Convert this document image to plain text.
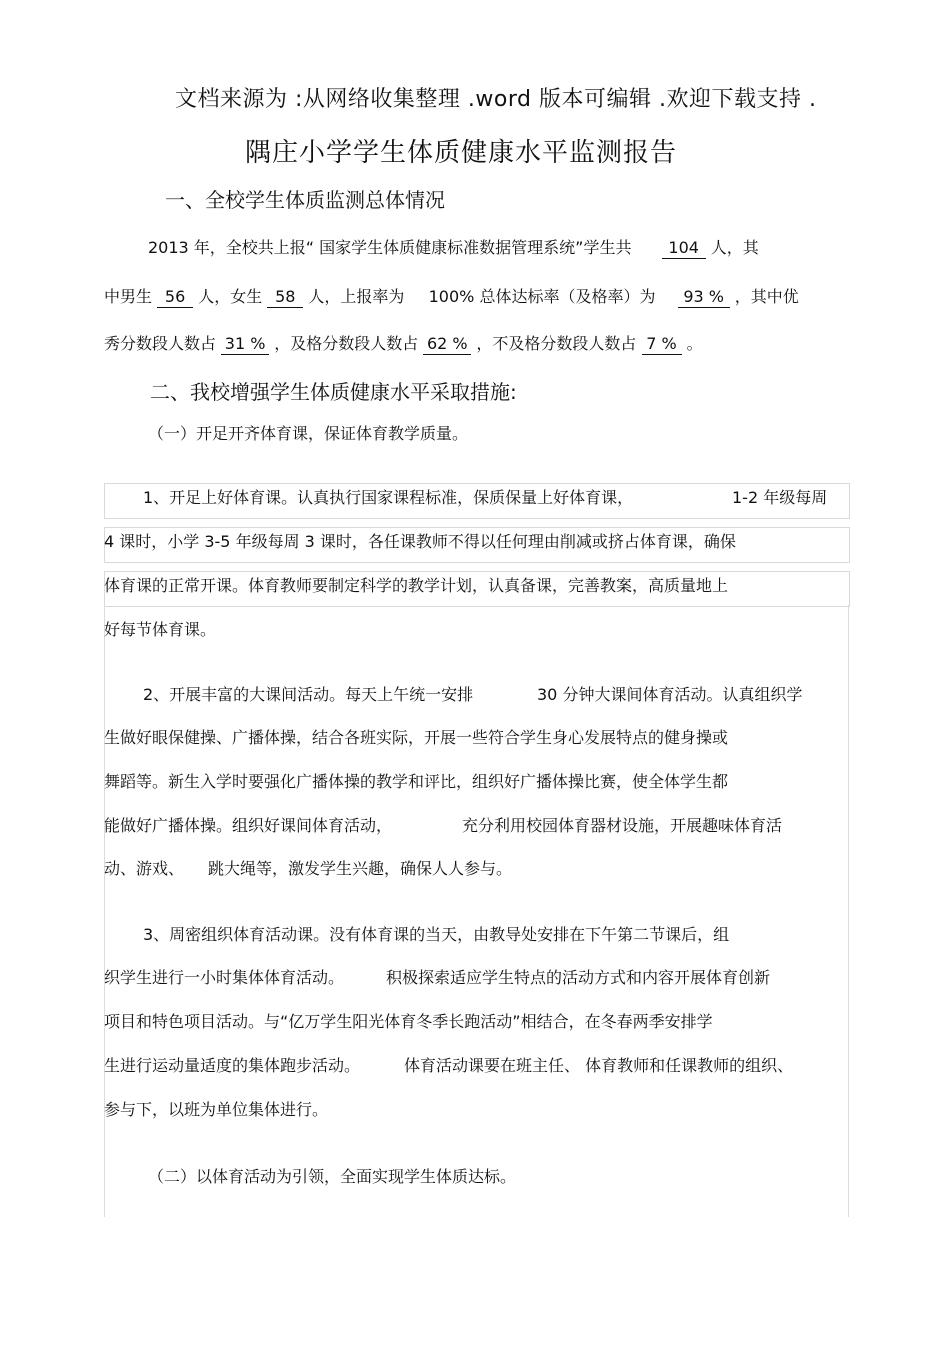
文档来源为 :从网络收集整理 .word 版本可编辑 .欢迎下载支持 .
隅庄小学学生体质健康水平监测报告
一、全校学生体质监测总体情况
2013 年，全校共上报“ 国家学生体质健康标准数据管理系统”学生共 104 人，其
中男生 56 人，女生 58 人，上报率为 100% 总体达标率（及格率）为 93 % ，其中优
秀分数段人数占 31 % ，及格分数段人数占 62 % ，不及格分数段人数占 7 % 。
二、我校增强学生体质健康水平采取措施:
（一）开足开齐体育课，保证体育教学质量。
1、开足上好体育课。认真执行国家课程标准，保质保量上好体育课，	1-2 年级每周
4 课时，小学 3-5 年级每周 3 课时，各任课教师不得以任何理由削减或挤占体育课，确保
体育课的正常开课。体育教师要制定科学的教学计划，认真备课，完善教案，高质量地上
好每节体育课。
2、开展丰富的大课间活动。每天上午统一安排	30 分钟大课间体育活动。认真组织学
生做好眼保健操、广播体操，结合各班实际，开展一些符合学生身心发展特点的健身操或
舞蹈等。新生入学时要强化广播体操的教学和评比，组织好广播体操比赛，使全体学生都
能做好广播体操。组织好课间体育活动，	充分利用校园体育器材设施，开展趣味体育活
动、游戏、 跳大绳等，激发学生兴趣，确保人人参与。
3、周密组织体育活动课。没有体育课的当天，由教导处安排在下午第二节课后，组
织学生进行一小时集体体育活动。	积极探索适应学生特点的活动方式和内容开展体育创新
项目和特色项目活动。与“亿万学生阳光体育冬季长跑活动”相结合，在冬春两季安排学
生进行运动量适度的集体跑步活动。	体育活动课要在班主任、 体育教师和任课教师的组织、
参与下，以班为单位集体进行。
（二）以体育活动为引领，全面实现学生体质达标。
